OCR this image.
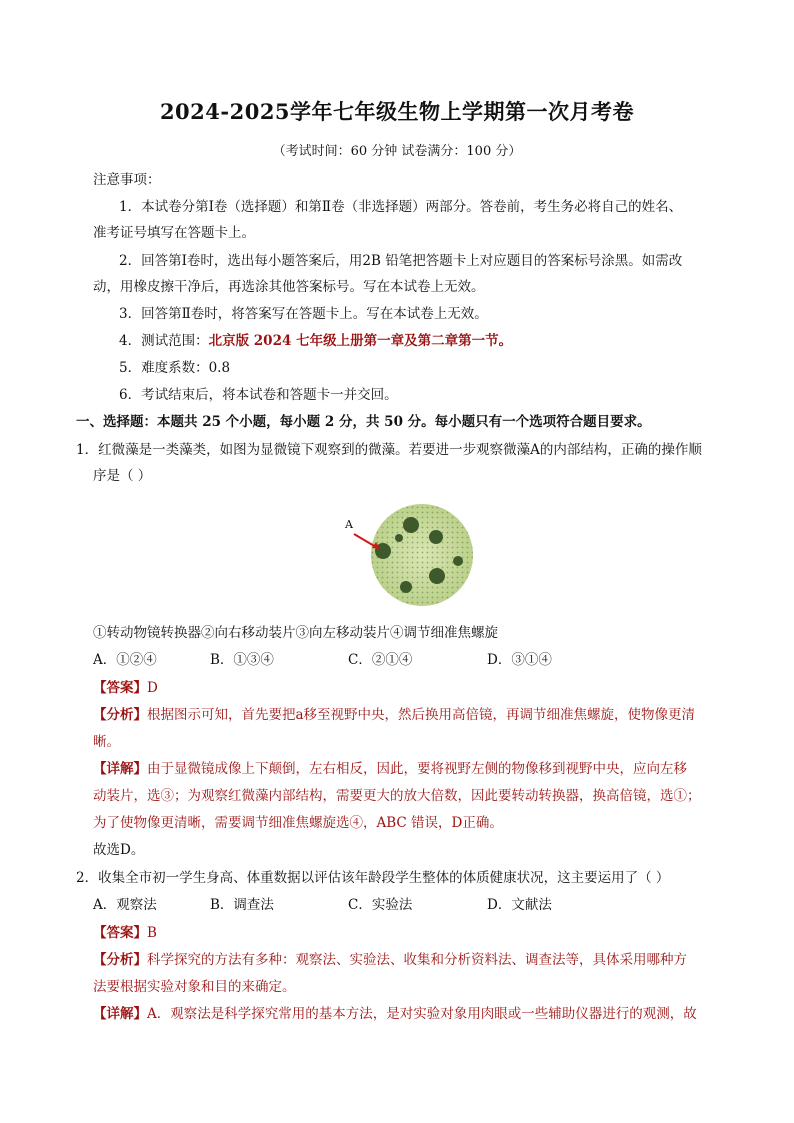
2024-2025学年七年级生物上学期第一次月考卷
（考试时间：60 分钟 试卷满分：100 分）
注意事项：
1．本试卷分第Ⅰ卷（选择题）和第Ⅱ卷（非选择题）两部分。答卷前，考生务必将自己的姓名、
准考证号填写在答题卡上。
2．回答第Ⅰ卷时，选出每小题答案后，用2B 铅笔把答题卡上对应题目的答案标号涂黑。如需改
动，用橡皮擦干净后，再选涂其他答案标号。写在本试卷上无效。
3．回答第Ⅱ卷时，将答案写在答题卡上。写在本试卷上无效。
4．测试范围：北京版 2024 七年级上册第一章及第二章第一节。
5．难度系数：0.8
6．考试结束后，将本试卷和答题卡一并交回。
一、选择题：本题共 25 个小题，每小题 2 分，共 50 分。每小题只有一个选项符合题目要求。
1．红微藻是一类藻类，如图为显微镜下观察到的微藻。若要进一步观察微藻A的内部结构，正确的操作顺
序是（ ）
A
①转动物镜转换器②向右移动装片③向左移动装片④调节细准焦螺旋
A．①②④	B．①③④	C．②①④	D．③①④
【答案】D
【分析】根据图示可知，首先要把a移至视野中央，然后换用高倍镜，再调节细准焦螺旋，使物像更清
晰。
【详解】由于显微镜成像上下颠倒，左右相反，因此，要将视野左侧的物像移到视野中央，应向左移
动装片，选③；为观察红微藻内部结构，需要更大的放大倍数，因此要转动转换器，换高倍镜，选①；
为了使物像更清晰，需要调节细准焦螺旋选④，ABC 错误，D正确。
故选D。
2．收集全市初一学生身高、体重数据以评估该年龄段学生整体的体质健康状况，这主要运用了（ ）
A．观察法	B．调查法	C．实验法	D．文献法
【答案】B
【分析】科学探究的方法有多种：观察法、实验法、收集和分析资料法、调查法等，具体采用哪种方
法要根据实验对象和目的来确定。
【详解】A．观察法是科学探究常用的基本方法，是对实验对象用肉眼或一些辅助仪器进行的观测，故
